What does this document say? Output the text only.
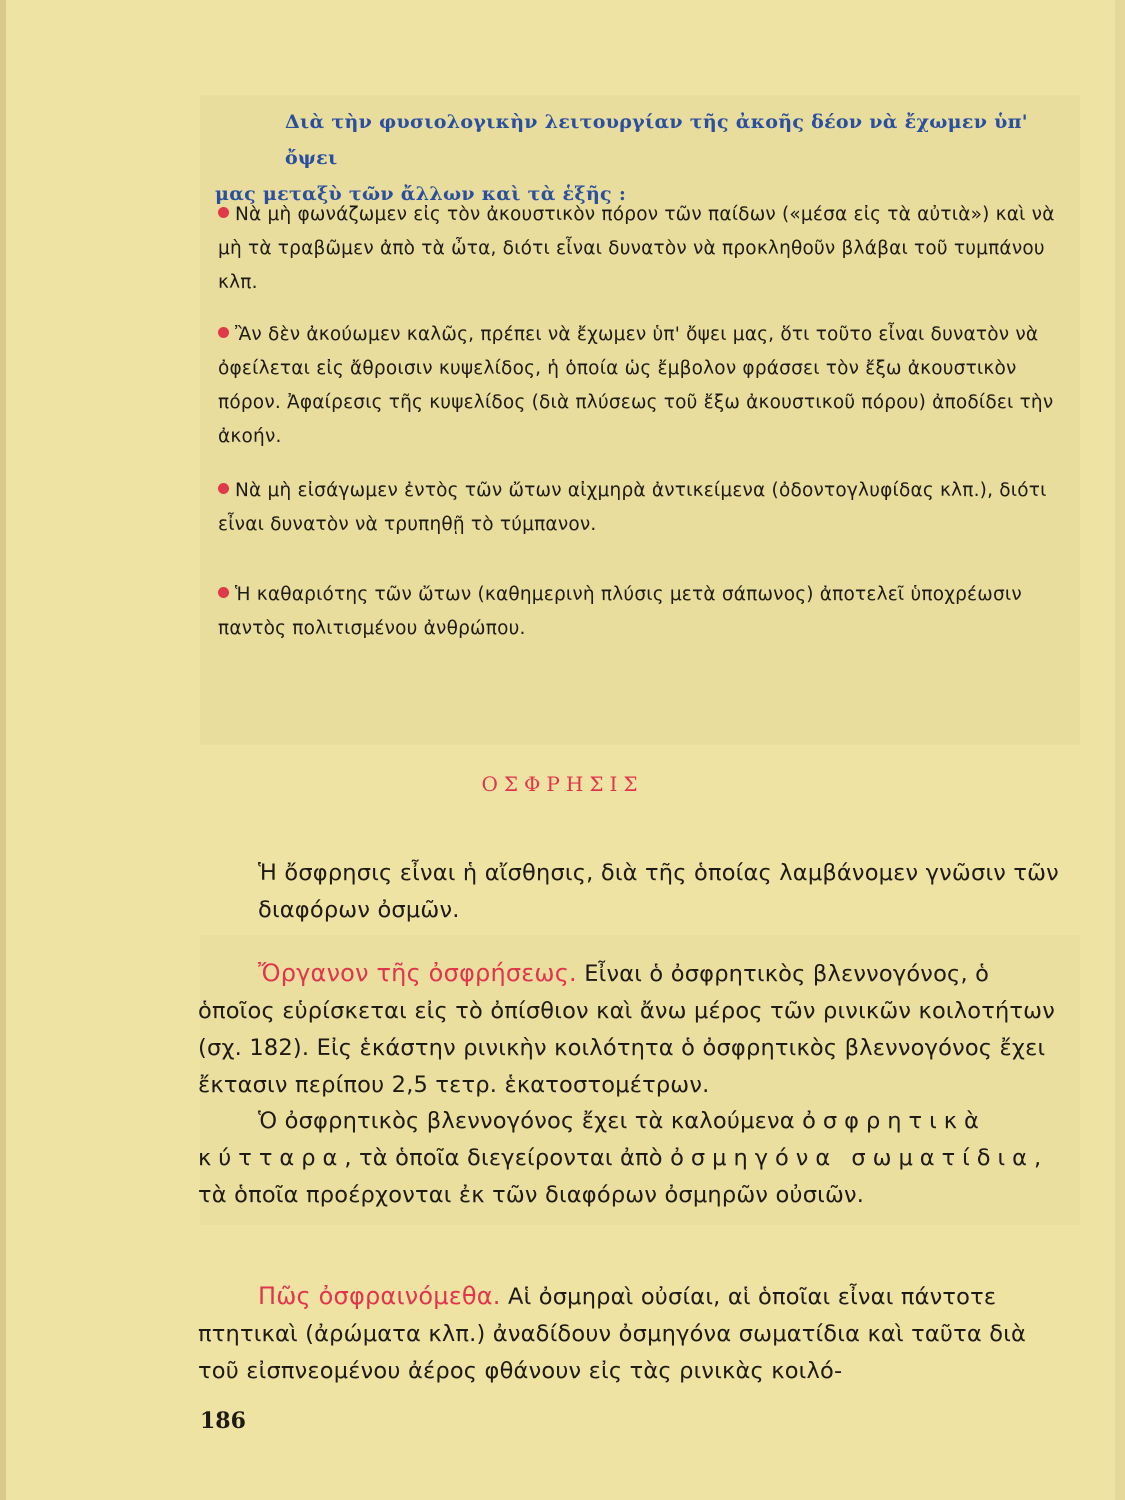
Διὰ τὴν φυσιολογικὴν λειτουργίαν τῆς ἀκοῆς δέον νὰ ἔχωμεν ὑπ' ὄψει
μας μεταξὺ τῶν ἄλλων καὶ τὰ ἑξῆς :
Νὰ μὴ φωνάζωμεν εἰς τὸν ἀκουστικὸν πόρον τῶν παίδων («μέσα εἰς τὰ αὐτιὰ») καὶ νὰ μὴ τὰ τραβῶμεν ἀπὸ τὰ ὦτα, διότι εἶναι δυνατὸν νὰ προκληθοῦν βλάβαι τοῦ τυμπάνου κλπ.
Ἂν δὲν ἀκούωμεν καλῶς, πρέπει νὰ ἔχωμεν ὑπ' ὄψει μας, ὅτι τοῦτο εἶναι δυνατὸν νὰ ὀφείλεται εἰς ἄθροισιν κυψελίδος, ἡ ὁποία ὡς ἔμβολον φράσσει τὸν ἔξω ἀκουστικὸν πόρον. Ἀφαίρεσις τῆς κυψελίδος (διὰ πλύσεως τοῦ ἔξω ἀκουστικοῦ πόρου) ἀποδίδει τὴν ἀκοήν.
Νὰ μὴ εἰσάγωμεν ἐντὸς τῶν ὤτων αἰχμηρὰ ἀντικείμενα (ὀδοντογλυφίδας κλπ.), διότι εἶναι δυνατὸν νὰ τρυπηθῇ τὸ τύμπανον.
Ἡ καθαριότης τῶν ὤτων (καθημερινὴ πλύσις μετὰ σάπωνος) ἀποτελεῖ ὑποχρέωσιν παντὸς πολιτισμένου ἀνθρώπου.
ΟΣΦΡΗΣΙΣ
Ἡ ὄσφρησις εἶναι ἡ αἴσθησις, διὰ τῆς ὁποίας λαμβάνομεν γνῶσιν τῶν διαφόρων ὀσμῶν.
Ὄργανον τῆς ὀσφρήσεως. Εἶναι ὁ ὀσφρητικὸς βλεννογόνος, ὁ ὁποῖος εὑρίσκεται εἰς τὸ ὀπίσθιον καὶ ἄνω μέρος τῶν ρινικῶν κοιλοτήτων (σχ. 182). Εἰς ἑκάστην ρινικὴν κοιλότητα ὁ ὀσφρητικὸς βλεννογόνος ἔχει ἔκτασιν περίπου 2,5 τετρ. ἑκατοστομέτρων.
Ὁ ὀσφρητικὸς βλεννογόνος ἔχει τὰ καλούμενα ὀσφρητικὰ κύτταρα, τὰ ὁποῖα διεγείρονται ἀπὸ ὀσμηγόνα σωματίδια, τὰ ὁποῖα προέρχονται ἐκ τῶν διαφόρων ὀσμηρῶν οὐσιῶν.
Πῶς ὀσφραινόμεθα. Αἱ ὀσμηραὶ οὐσίαι, αἱ ὁποῖαι εἶναι πάντοτε πτητικαὶ (ἀρώματα κλπ.) ἀναδίδουν ὀσμηγόνα σωματίδια καὶ ταῦτα διὰ τοῦ εἰσπνεομένου ἀέρος φθάνουν εἰς τὰς ρινικὰς κοιλό-
186
